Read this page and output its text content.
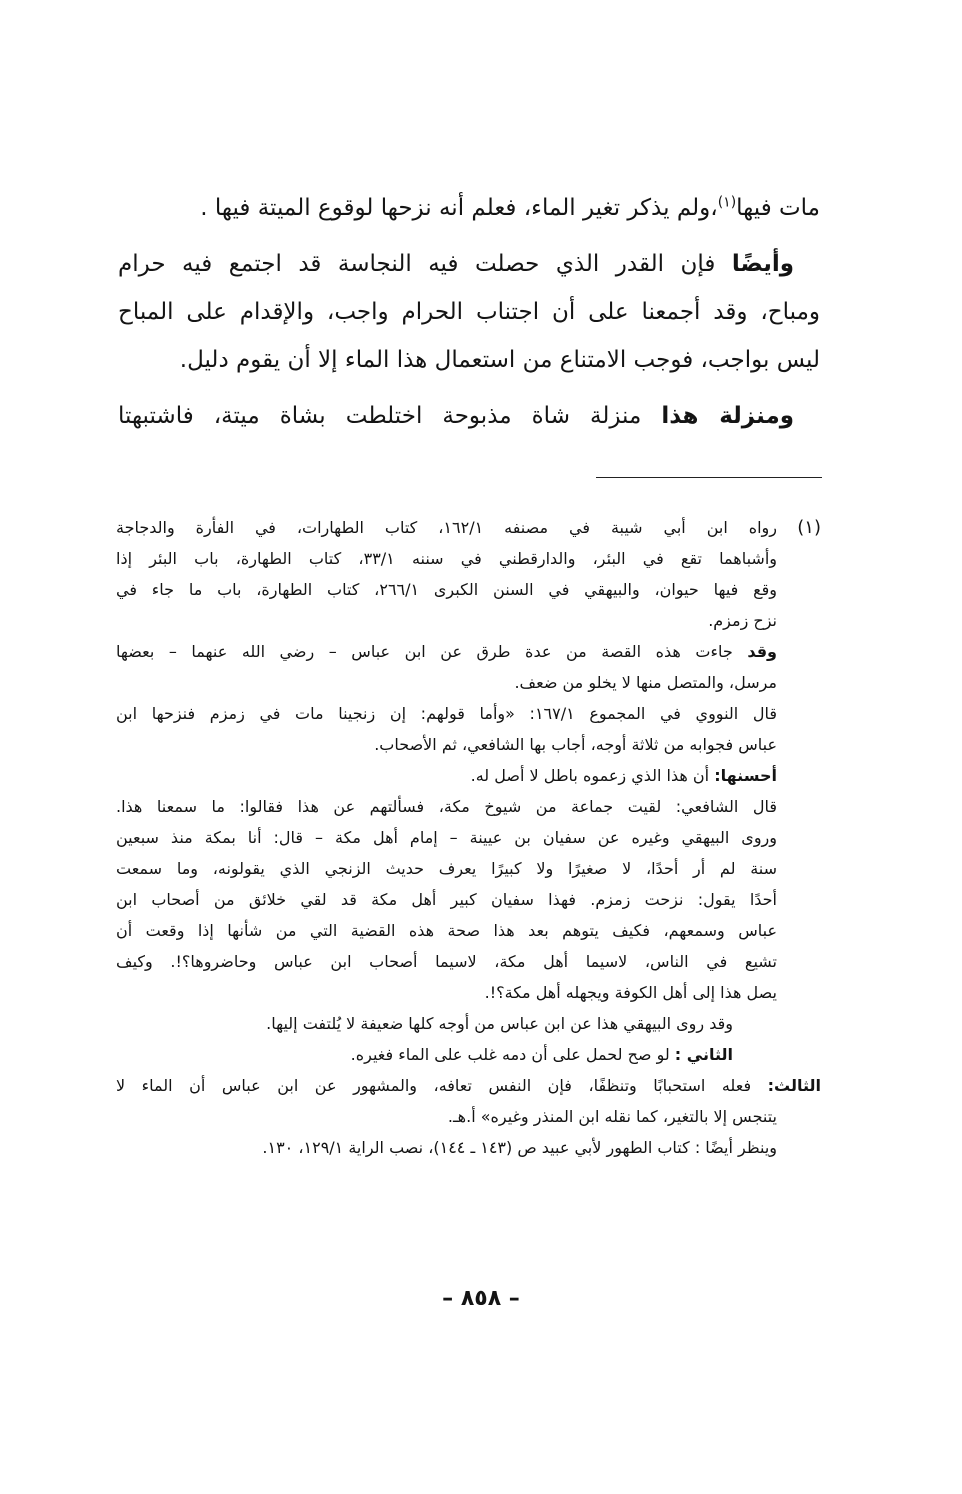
مات فيها$^{(١)}$،ولم يذكر تغير الماء، فعلم أنه نزحها لوقوع الميتة فيها .
وأيضًا فإن القدر الذي حصلت فيه النجاسة قد اجتمع فيه حرام
ومباح، وقد أجمعنا على أن اجتناب الحرام واجب، والإقدام على المباح
ليس بواجب، فوجب الامتناع من استعمال هذا الماء إلا أن يقوم دليل.
ومنزلة هذا منزلة شاة مذبوحة اختلطت بشاة ميتة، فاشتبهتا
(١)
رواه ابن أبي شيبة في مصنفه ١٦٢/١، كتاب الطهارات، في الفأرة والدجاجة
وأشباهما تقع في البئر، والدارقطني في سننه ٣٣/١، كتاب الطهارة، باب البئر إذا
وقع فيها حيوان، والبيهقي في السنن الكبرى ٢٦٦/١، كتاب الطهارة، باب ما جاء في
نزح زمزم.
وقد جاءت هذه القصة من عدة طرق عن ابن عباس – رضي الله عنهما – بعضها
مرسل، والمتصل منها لا يخلو من ضعف.
قال النووي في المجموع ١٦٧/١: «وأما قولهم: إن زنجينا مات في زمزم فنزحها ابن
عباس فجوابه من ثلاثة أوجه، أجاب بها الشافعي، ثم الأصحاب.
أحسنها: أن هذا الذي زعموه باطل لا أصل له.
قال الشافعي: لقيت جماعة من شيوخ مكة، فسألتهم عن هذا فقالوا: ما سمعنا هذا.
وروى البيهقي وغيره عن سفيان بن عيينة – إمام أهل مكة – قال: أنا بمكة منذ سبعين
سنة لم أر أحدًا، لا صغيرًا ولا كبيرًا يعرف حديث الزنجي الذي يقولونه، وما سمعت
أحدًا يقول: نزحت زمزم. فهذا سفيان كبير أهل مكة قد لقي خلائق من أصحاب ابن
عباس وسمعهم، فكيف يتوهم بعد هذا صحة هذه القضية التي من شأنها إذا وقعت أن
تشيع في الناس، لاسيما أهل مكة، لاسيما أصحاب ابن عباس وحاضروها؟!. وكيف
يصل هذا إلى أهل الكوفة ويجهله أهل مكة؟!.
وقد روى البيهقي هذا عن ابن عباس من أوجه كلها ضعيفة لا يُلتفت إليها.
الثاني : لو صح لحمل على أن دمه غلب على الماء فغيره.
الثالث: فعله استحبابًا وتنظفًا، فإن النفس تعافه، والمشهور عن ابن عباس أن الماء لا
يتنجس إلا بالتغير، كما نقله ابن المنذر وغيره» أ.هـ.
وينظر أيضًا : كتاب الطهور لأبي عبيد ص (١٤٣ ـ ١٤٤)، نصب الراية ١٢٩/١، ١٣٠.
– ٨٥٨ –
